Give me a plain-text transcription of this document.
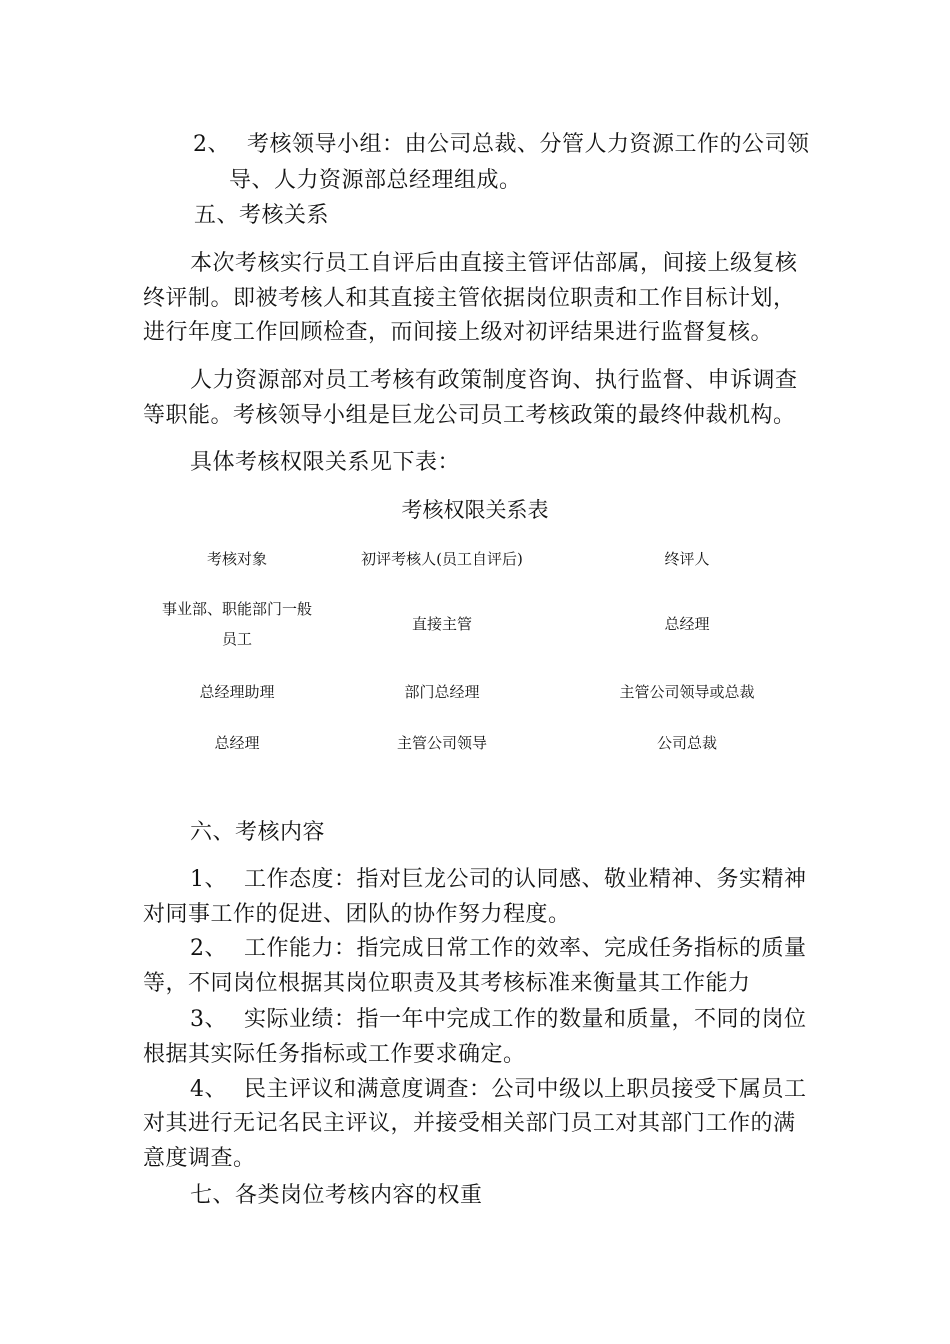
2、 考核领导小组：由公司总裁、分管人力资源工作的公司领
导、人力资源部总经理组成。
五、考核关系
本次考核实行员工自评后由直接主管评估部属，间接上级复核
终评制。即被考核人和其直接主管依据岗位职责和工作目标计划，
进行年度工作回顾检查，而间接上级对初评结果进行监督复核。
人力资源部对员工考核有政策制度咨询、执行监督、申诉调查
等职能。考核领导小组是巨龙公司员工考核政策的最终仲裁机构。
具体考核权限关系见下表：
考核权限关系表
考核对象	初评考核人(员工自评后)	终评人

事业部、职能部门一般
员工	直接主管	总经理
总经理助理	部门总经理	主管公司领导或总裁
总经理	主管公司领导	公司总裁
六、考核内容
1、 工作态度：指对巨龙公司的认同感、敬业精神、务实精神
对同事工作的促进、团队的协作努力程度。
2、 工作能力：指完成日常工作的效率、完成任务指标的质量
等，不同岗位根据其岗位职责及其考核标准来衡量其工作能力
3、 实际业绩：指一年中完成工作的数量和质量，不同的岗位
根据其实际任务指标或工作要求确定。
4、 民主评议和满意度调查：公司中级以上职员接受下属员工
对其进行无记名民主评议，并接受相关部门员工对其部门工作的满
意度调查。
七、各类岗位考核内容的权重
